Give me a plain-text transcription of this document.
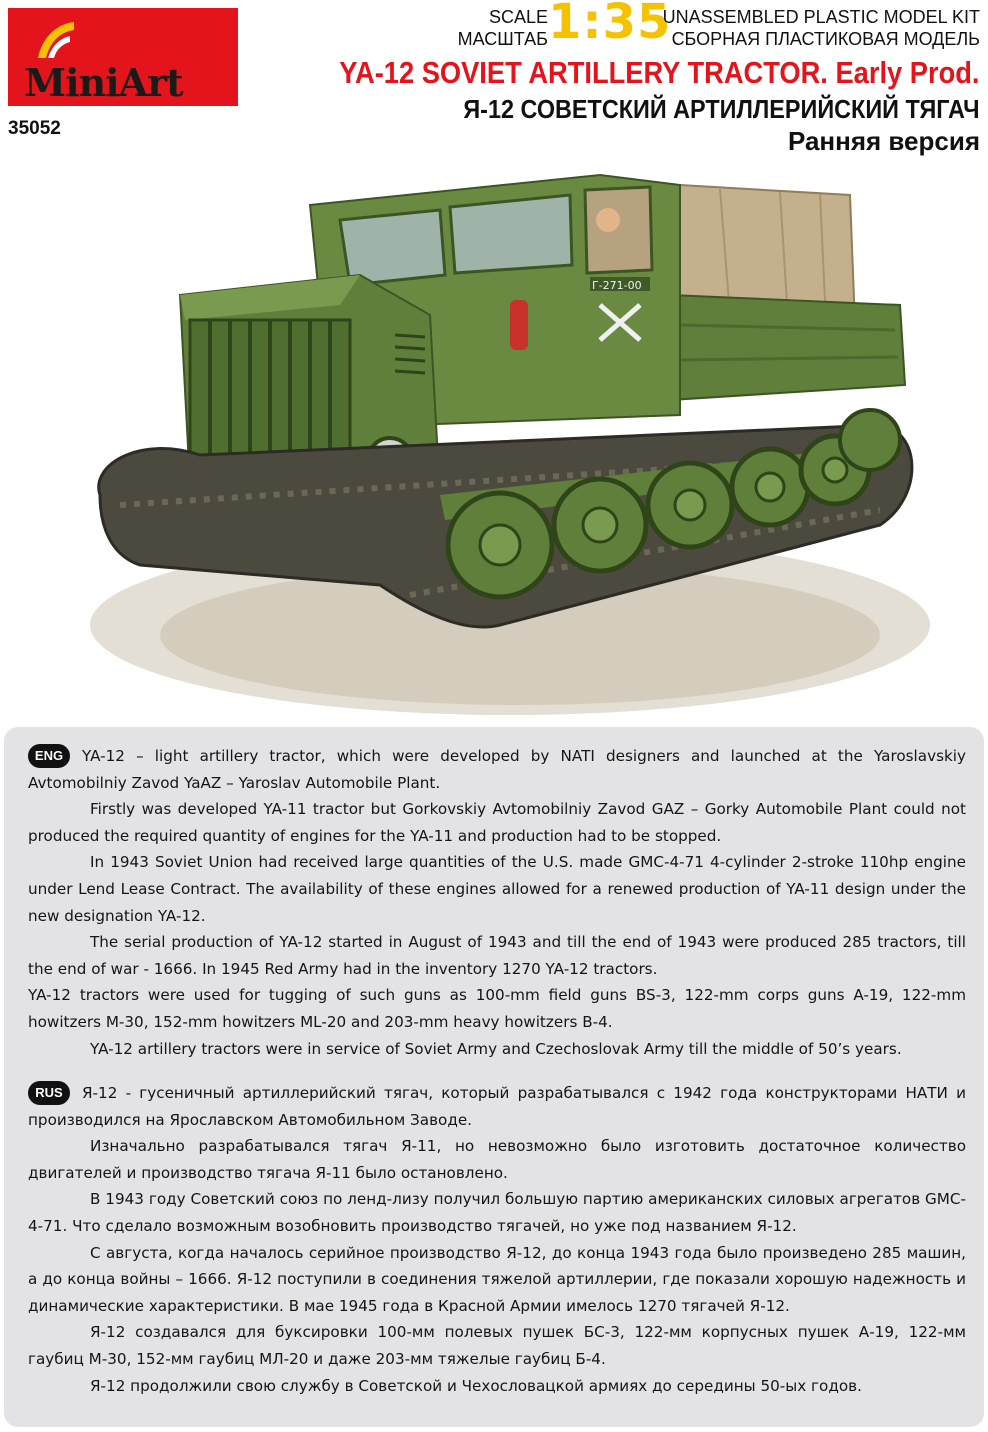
MiniArt
35052
SCALE
МАСШТАБ 1:35
UNASSEMBLED PLASTIC MODEL KIT
СБОРНАЯ ПЛАСТИКОВАЯ МОДЕЛЬ
YA-12 SOVIET ARTILLERY TRACTOR. Early Prod.
Я-12 СОВЕТСКИЙ АРТИЛЛЕРИЙСКИЙ ТЯГАЧ
Ранняя версия
Г-271-00

ENG YA-12 – light artillery tractor, which were developed by NATI designers and launched at the Yaroslavskiy Avtomobilniy Zavod YaAZ – Yaroslav Automobile Plant.

Firstly was developed YA-11 tractor but Gorkovskiy Avtomobilniy Zavod GAZ – Gorky Automobile Plant could not produced the required quantity of engines for the YA-11 and production had to be stopped.

In 1943 Soviet Union had received large quantities of the U.S. made GMC-4-71 4-cylinder 2-stroke 110hp engine under Lend Lease Contract. The availability of these engines allowed for a renewed production of YA-11 design under the new designation YA-12.

The serial production of YA-12 started in August of 1943 and till the end of 1943 were produced 285 tractors, till the end of war - 1666. In 1945 Red Army had in the inventory 1270 YA-12 tractors.

YA-12 tractors were used for tugging of such guns as 100-mm field guns BS-3, 122-mm corps guns A-19, 122-mm howitzers M-30, 152-mm howitzers ML-20 and 203-mm heavy howitzers B-4.

YA-12 artillery tractors were in service of Soviet Army and Czechoslovak Army till the middle of 50’s years.

RUS Я-12 - гусеничный артиллерийский тягач, который разрабатывался с 1942 года конструкторами НАТИ и производился на Ярославском Автомобильном Заводе.

Изначально разрабатывался тягач Я-11, но невозможно было изготовить достаточное количество двигателей и производство тягача Я-11 было остановлено.

В 1943 году Советский союз по ленд-лизу получил большую партию американских силовых агрегатов GMC-4-71. Что сделало возможным возобновить производство тягачей, но уже под названием Я-12.

С августа, когда началось серийное производство Я-12, до конца 1943 года было произведено 285 машин, а до конца войны – 1666. Я-12 поступили в соединения тяжелой артиллерии, где показали хорошую надежность и динамические характеристики. В мае 1945 года в Красной Армии имелось 1270 тягачей Я-12.

Я-12 создавался для буксировки 100-мм полевых пушек БС-3, 122-мм корпусных пушек А-19, 122-мм гаубиц М-30, 152-мм гаубиц МЛ-20 и даже 203-мм тяжелые гаубиц Б-4.

Я-12 продолжили свою службу в Советской и Чехословацкой армиях до середины 50-ых годов.
